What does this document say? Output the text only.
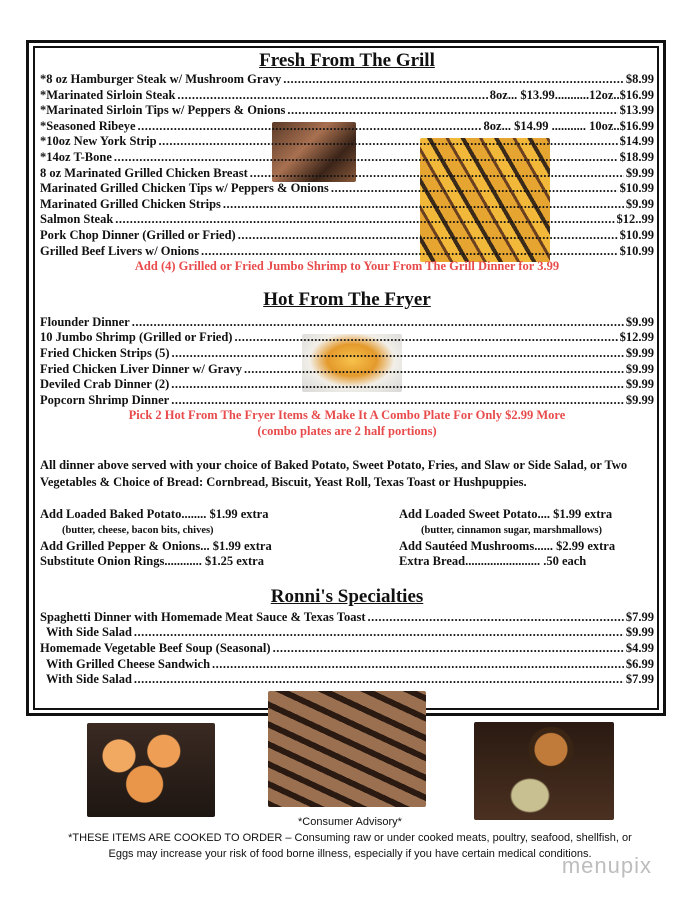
Fresh From The Grill
*8 oz Hamburger Steak w/ Mushroom Gravy .....	$8.99
*Marinated Sirloin Steak .....	8oz... $13.99...........12oz.. $16.99
*Marinated Sirloin Tips w/ Peppers & Onions .....	$13.99
*Seasoned Ribeye .....	8oz... $14.99 ........... 10oz.. $16.99
*10oz New York Strip .....	$14.99
*14oz T-Bone .....	$18.99
8 oz Marinated Grilled Chicken Breast .....	$9.99
Marinated Grilled Chicken Tips w/ Peppers & Onions .....	$10.99
Marinated Grilled Chicken Strips .....	$9.99
Salmon Steak .....	$12..99
Pork Chop Dinner (Grilled or Fried) .....	$10.99
Grilled Beef Livers w/ Onions .....	$10.99
Add (4) Grilled or Fried Jumbo Shrimp to Your From The Grill Dinner for 3.99
Hot From The Fryer
Flounder Dinner .....	$9.99
10 Jumbo Shrimp (Grilled or Fried) .....	$12.99
Fried Chicken Strips (5) .....	$9.99
Fried Chicken Liver Dinner w/ Gravy .....	$9.99
Deviled Crab Dinner (2) .....	$9.99
Popcorn Shrimp Dinner .....	$9.99
Pick 2 Hot From The Fryer Items & Make It A Combo Plate For Only $2.99 More
(combo plates are 2 half portions)
All dinner above served with your choice of Baked Potato, Sweet Potato, Fries, and Slaw or Side Salad, or Two Vegetables & Choice of Bread: Cornbread, Biscuit, Yeast Roll, Texas Toast or Hushpuppies.
Add Loaded Baked Potato........ $1.99 extra
(butter, cheese, bacon bits, chives)
Add Grilled Pepper & Onions... $1.99 extra
Substitute Onion Rings............ $1.25 extra
Add Loaded Sweet Potato.... $1.99 extra
(butter, cinnamon sugar, marshmallows)
Add Sautéed Mushrooms...... $2.99 extra
Extra Bread........................ .50 each
Ronni's Specialties
Spaghetti Dinner with Homemade Meat Sauce & Texas Toast .....	$7.99
With Side Salad .....	$9.99
Homemade Vegetable Beef Soup (Seasonal) .....	$4.99
With Grilled Cheese Sandwich .....	$6.99
With Side Salad .....	$7.99
*Consumer Advisory*
*THESE ITEMS ARE COOKED TO ORDER – Consuming raw or under cooked meats, poultry, seafood, shellfish, or
Eggs may increase your risk of food borne illness, especially if you have certain medical conditions.
menupix
